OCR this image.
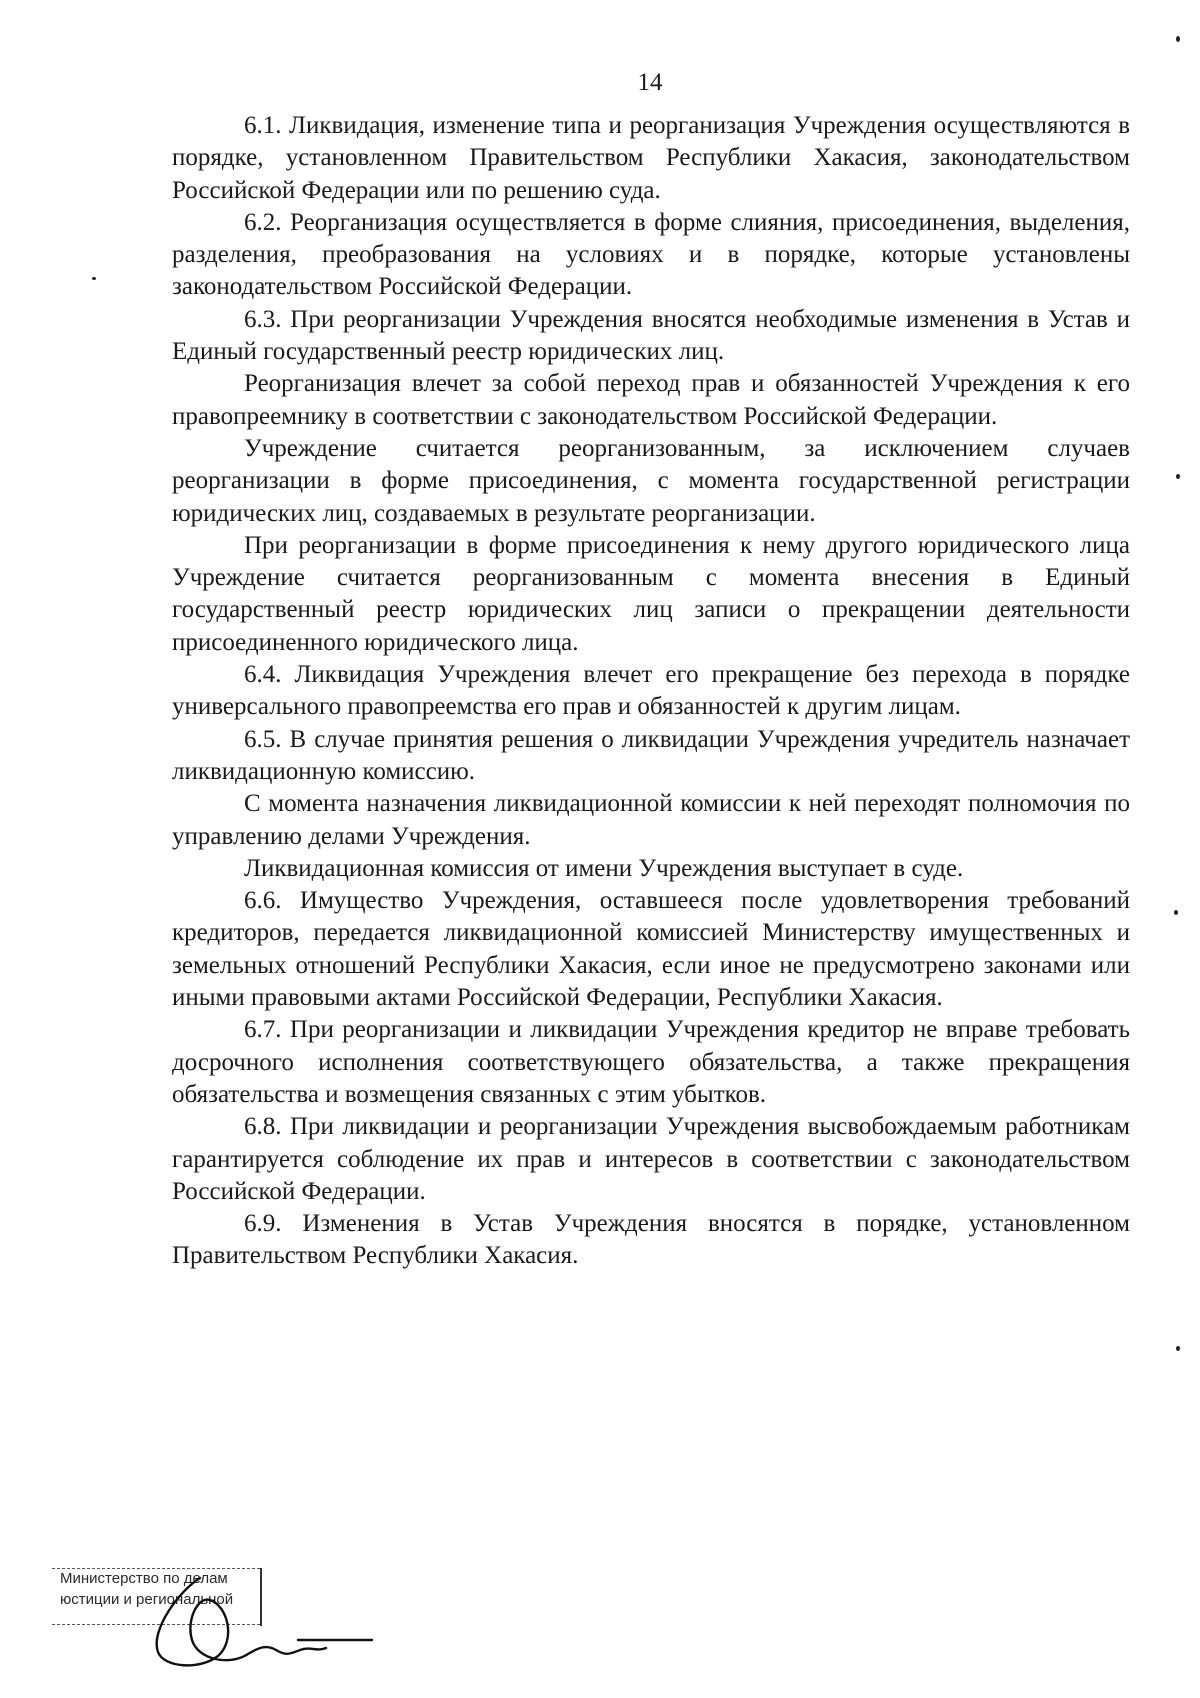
14

6.1. Ликвидация, изменение типа и реорганизация Учреждения осуществляются в порядке, установленном Правительством Республики Хакасия, законодательством Российской Федерации или по решению суда.

6.2. Реорганизация осуществляется в форме слияния, присоединения, выделения, разделения, преобразования на условиях и в порядке, которые установлены законодательством Российской Федерации.

6.3. При реорганизации Учреждения вносятся необходимые изменения в Устав и Единый государственный реестр юридических лиц.

Реорганизация влечет за собой переход прав и обязанностей Учреждения к его правопреемнику в соответствии с законодательством Российской Федерации.

Учреждение считается реорганизованным, за исключением случаев реорганизации в форме присоединения, с момента государственной регистрации юридических лиц, создаваемых в результате реорганизации.

При реорганизации в форме присоединения к нему другого юридического лица Учреждение считается реорганизованным с момента внесения в Единый государственный реестр юридических лиц записи о прекращении деятельности присоединенного юридического лица.

6.4. Ликвидация Учреждения влечет его прекращение без перехода в порядке универсального правопреемства его прав и обязанностей к другим лицам.

6.5. В случае принятия решения о ликвидации Учреждения учредитель назначает ликвидационную комиссию.

С момента назначения ликвидационной комиссии к ней переходят полномочия по управлению делами Учреждения.

Ликвидационная комиссия от имени Учреждения выступает в суде.

6.6. Имущество Учреждения, оставшееся после удовлетворения требований кредиторов, передается ликвидационной комиссией Министерству имущественных и земельных отношений Республики Хакасия, если иное не предусмотрено законами или иными правовыми актами Российской Федерации, Республики Хакасия.

6.7. При реорганизации и ликвидации Учреждения кредитор не вправе требовать досрочного исполнения соответствующего обязательства, а также прекращения обязательства и возмещения связанных с этим убытков.

6.8. При ликвидации и реорганизации Учреждения высвобождаемым работникам гарантируется соблюдение их прав и интересов в соответствии с законодательством Российской Федерации.

6.9. Изменения в Устав Учреждения вносятся в порядке, установленном Правительством Республики Хакасия.

Министерство по делам
юстиции и региональной
